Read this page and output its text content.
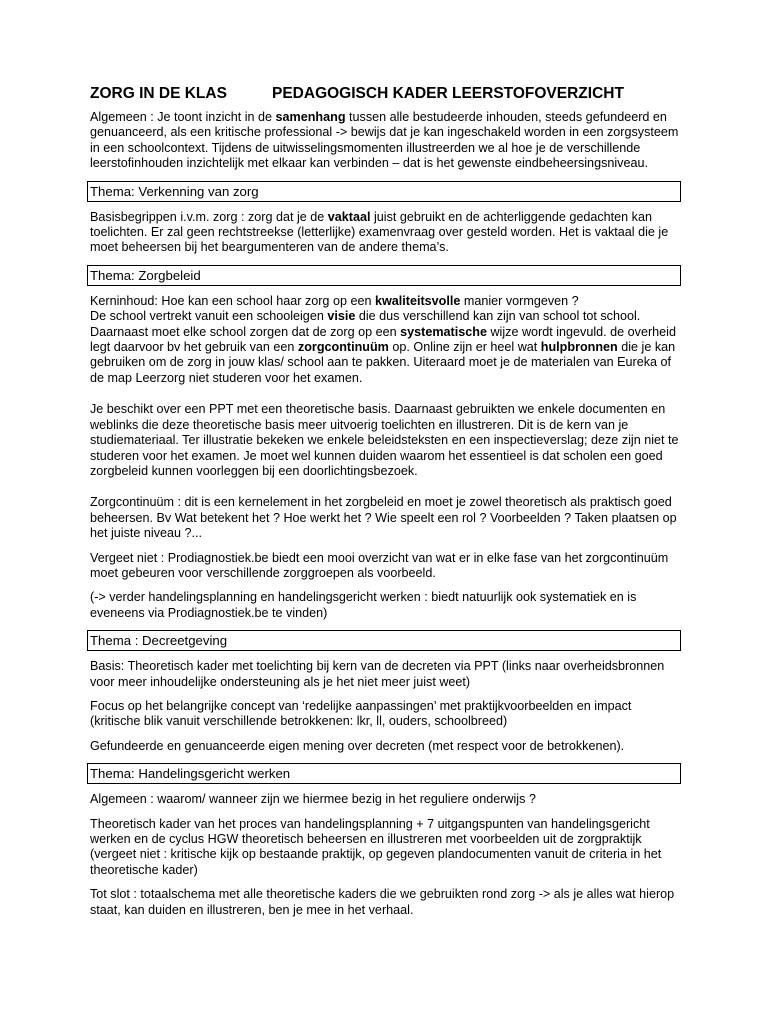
ZORG IN DE KLAS	PEDAGOGISCH KADER LEERSTOFOVERZICHT

Algemeen : Je toont inzicht in de samenhang tussen alle bestudeerde inhouden, steeds gefundeerd en genuanceerd, als een kritische professional -> bewijs dat je kan ingeschakeld worden in een zorgsysteem in een schoolcontext. Tijdens de uitwisselingsmomenten illustreerden we al hoe je de verschillende leerstofinhouden inzichtelijk met elkaar kan verbinden – dat is het gewenste eindbeheersingsniveau.

Thema: Verkenning van zorg

Basisbegrippen i.v.m. zorg : zorg dat je de vaktaal juist gebruikt en de achterliggende gedachten kan toelichten. Er zal geen rechtstreekse (letterlijke) examenvraag over gesteld worden. Het is vaktaal die je moet beheersen bij het beargumenteren van de andere thema’s.

Thema: Zorgbeleid

Kerninhoud: Hoe kan een school haar zorg op een kwaliteitsvolle manier vormgeven ?
De school vertrekt vanuit een schooleigen visie die dus verschillend kan zijn van school tot school. Daarnaast moet elke school zorgen dat de zorg op een systematische wijze wordt ingevuld. de overheid legt daarvoor bv het gebruik van een zorgcontinuüm op. Online zijn er heel wat hulpbronnen die je kan gebruiken om de zorg in jouw klas/ school aan te pakken. Uiteraard moet je de materialen van Eureka of de map Leerzorg niet studeren voor het examen.

Je beschikt over een PPT met een theoretische basis. Daarnaast gebruikten we enkele documenten en weblinks die deze theoretische basis meer uitvoerig toelichten en illustreren. Dit is de kern van je studiemateriaal. Ter illustratie bekeken we enkele beleidsteksten en een inspectieverslag; deze zijn niet te studeren voor het examen. Je moet wel kunnen duiden waarom het essentieel is dat scholen een goed zorgbeleid kunnen voorleggen bij een doorlichtingsbezoek.

Zorgcontinuüm : dit is een kernelement in het zorgbeleid en moet je zowel theoretisch als praktisch goed beheersen. Bv Wat betekent het ? Hoe werkt het ? Wie speelt een rol ? Voorbeelden ? Taken plaatsen op het juiste niveau ?...

Vergeet niet : Prodiagnostiek.be biedt een mooi overzicht van wat er in elke fase van het zorgcontinuüm moet gebeuren voor verschillende zorggroepen als voorbeeld.

(-> verder handelingsplanning en handelingsgericht werken : biedt natuurlijk ook systematiek en is eveneens via Prodiagnostiek.be te vinden)

Thema : Decreetgeving

Basis: Theoretisch kader met toelichting bij kern van de decreten via PPT (links naar overheidsbronnen voor meer inhoudelijke ondersteuning als je het niet meer juist weet)

Focus op het belangrijke concept van ‘redelijke aanpassingen’ met praktijkvoorbeelden en impact (kritische blik vanuit verschillende betrokkenen: lkr, ll, ouders, schoolbreed)

Gefundeerde en genuanceerde eigen mening over decreten (met respect voor de betrokkenen).

Thema: Handelingsgericht werken

Algemeen : waarom/ wanneer zijn we hiermee bezig in het reguliere onderwijs ?

Theoretisch kader van het proces van handelingsplanning + 7 uitgangspunten van handelingsgericht werken en de cyclus HGW theoretisch beheersen en illustreren met voorbeelden uit de zorgpraktijk (vergeet niet : kritische kijk op bestaande praktijk, op gegeven plandocumenten vanuit de criteria in het theoretische kader)

Tot slot : totaalschema met alle theoretische kaders die we gebruikten rond zorg -> als je alles wat hierop staat, kan duiden en illustreren, ben je mee in het verhaal.
